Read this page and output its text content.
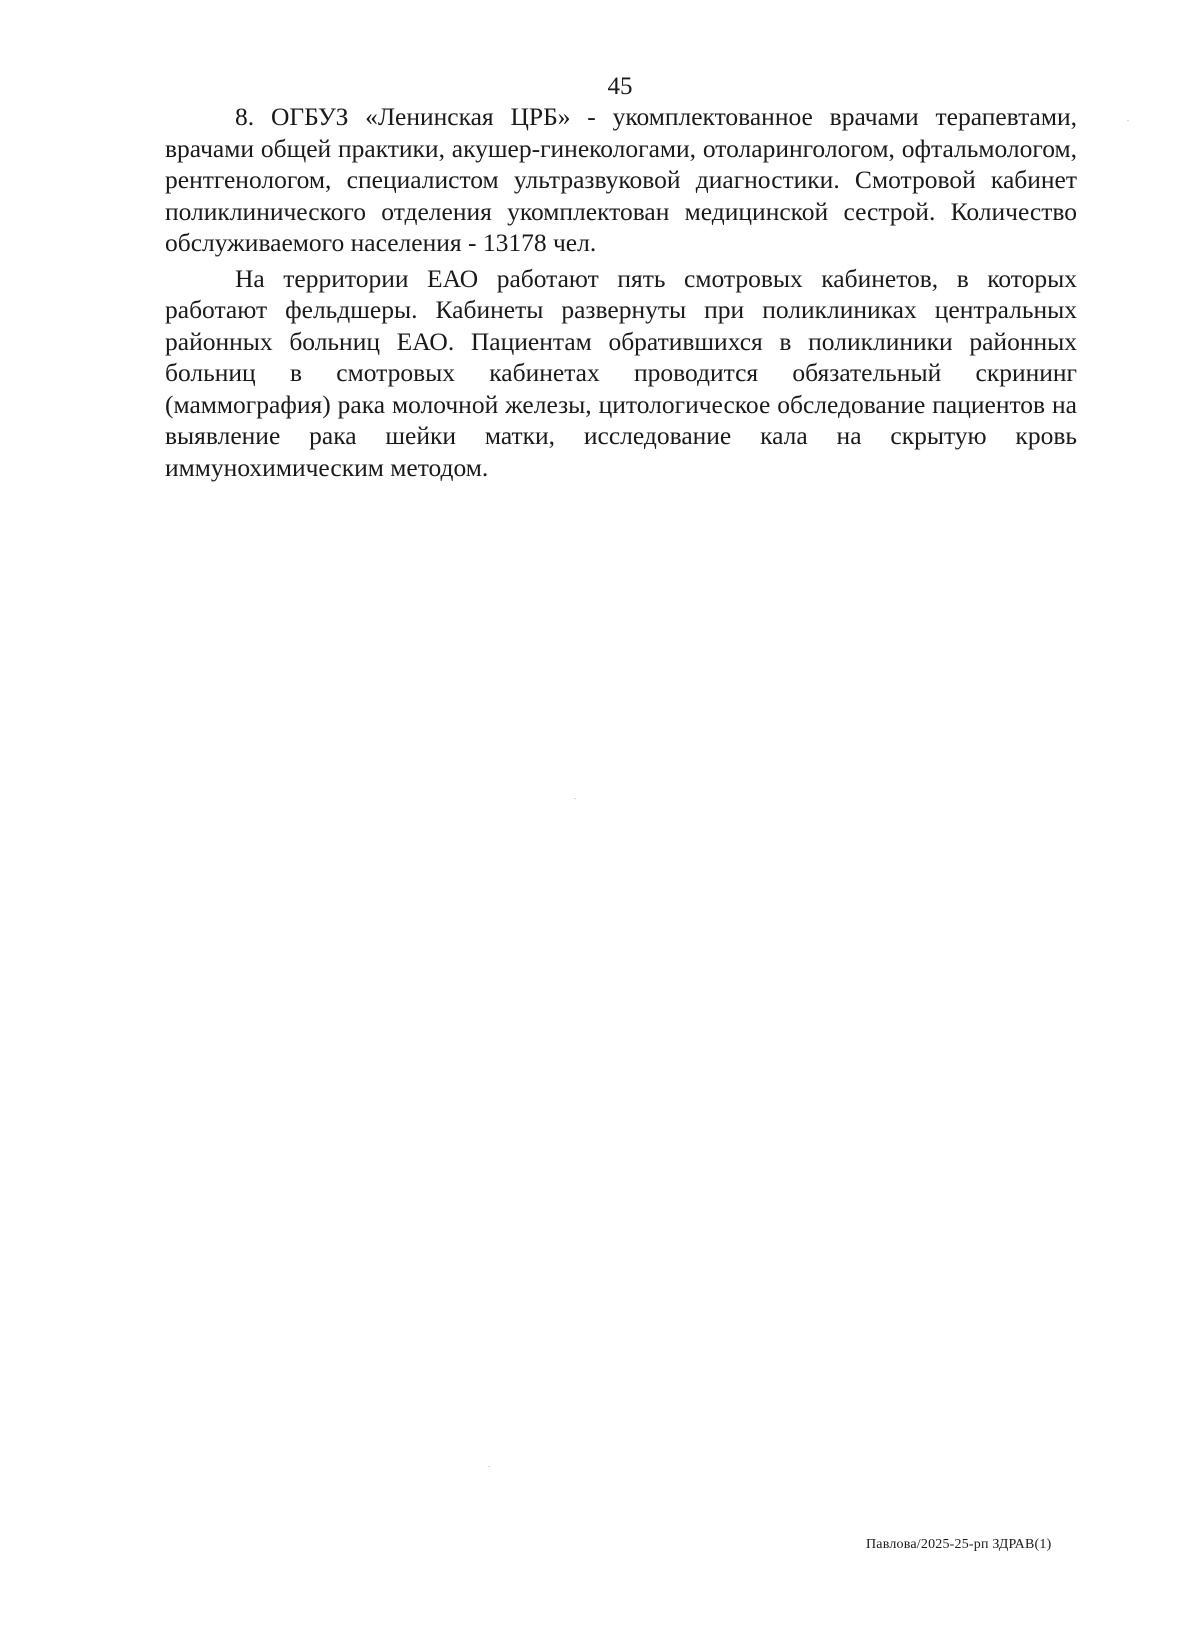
45

8. ОГБУЗ «Ленинская ЦРБ» - укомплектованное врачами терапевтами, врачами общей практики, акушер-гинекологами, отоларингологом, офтальмологом, рентгенологом, специалистом ультразвуковой диагностики. Смотровой кабинет поликлинического отделения укомплектован медицинской сестрой. Количество обслуживаемого населения - 13178 чел.

На территории ЕАО работают пять смотровых кабинетов, в которых работают фельдшеры. Кабинеты развернуты при поликлиниках центральных районных больниц ЕАО. Пациентам обратившихся в поликлиники районных больниц в смотровых кабинетах проводится обязательный скрининг (маммография) рака молочной железы, цитологическое обследование пациентов на выявление рака шейки матки, исследование кала на скрытую кровь иммунохимическим методом.

Павлова/2025-25-рп ЗДРАВ(1)
